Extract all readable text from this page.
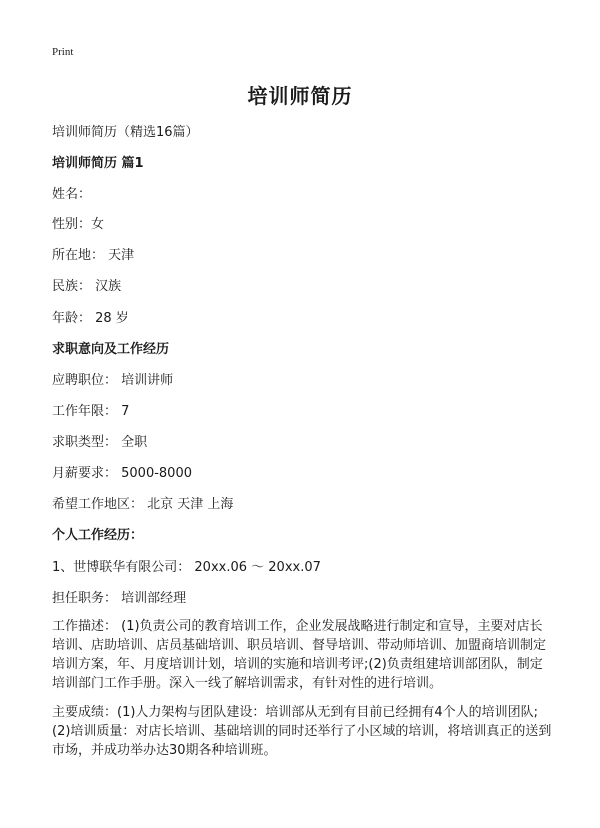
Print
培训师简历
培训师简历（精选16篇）
培训师简历 篇1
姓名：
性别：女
所在地： 天津
民族： 汉族
年龄： 28 岁
求职意向及工作经历
应聘职位： 培训讲师
工作年限： 7
求职类型： 全职
月薪要求： 5000-8000
希望工作地区： 北京 天津 上海
个人工作经历：
1、世博联华有限公司： 20xx.06 ～ 20xx.07
担任职务： 培训部经理
工作描述： (1)负责公司的教育培训工作，企业发展战略进行制定和宣导，主要对店长培训、店助培训、店员基础培训、职员培训、督导培训、带动师培训、加盟商培训制定培训方案，年、月度培训计划，培训的实施和培训考评;(2)负责组建培训部团队，制定培训部门工作手册。深入一线了解培训需求，有针对性的进行培训。
主要成绩：(1)人力架构与团队建设：培训部从无到有目前已经拥有4个人的培训团队;(2)培训质量：对店长培训、基础培训的同时还举行了小区域的培训，将培训真正的送到市场，并成功举办达30期各种培训班。
